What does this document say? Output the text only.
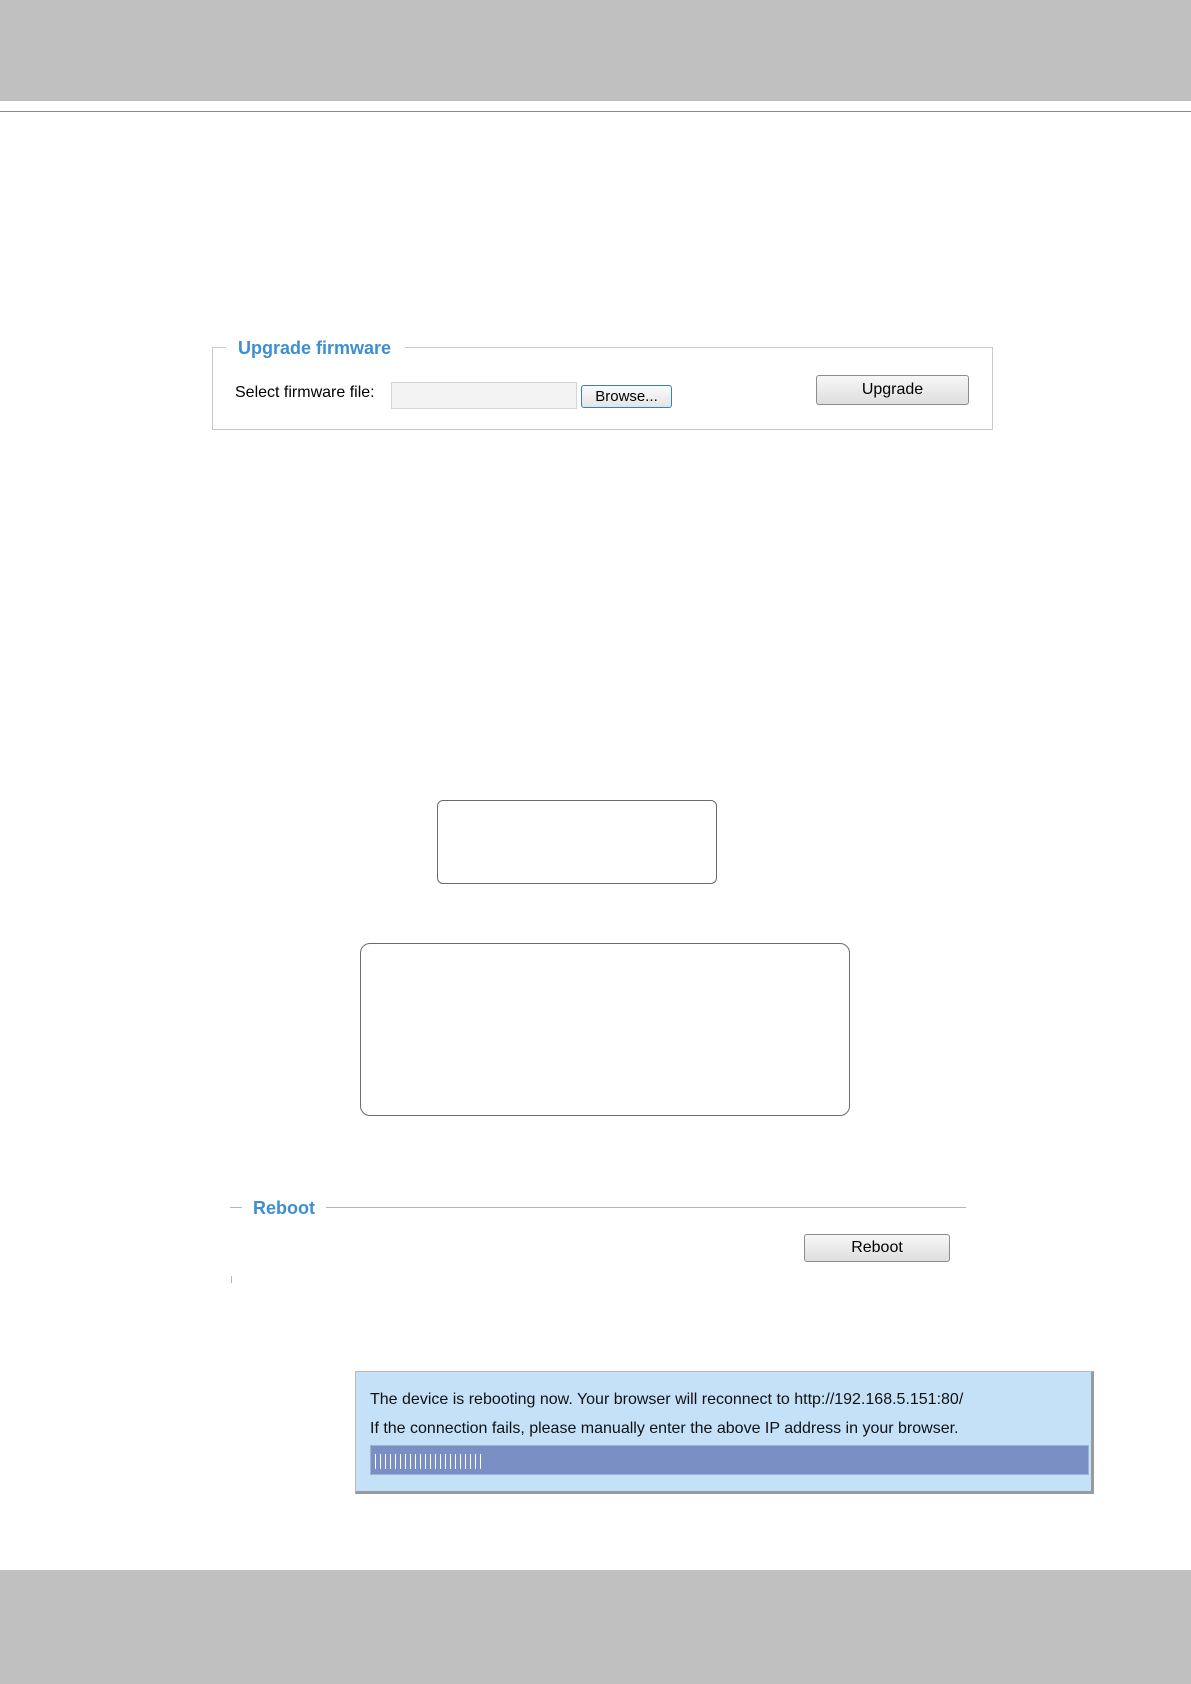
Upgrade firmware
Select firmware file:	Browse...	Upgrade
Reboot
Reboot
The device is rebooting now. Your browser will reconnect to http://192.168.5.151:80/
If the connection fails, please manually enter the above IP address in your browser.
